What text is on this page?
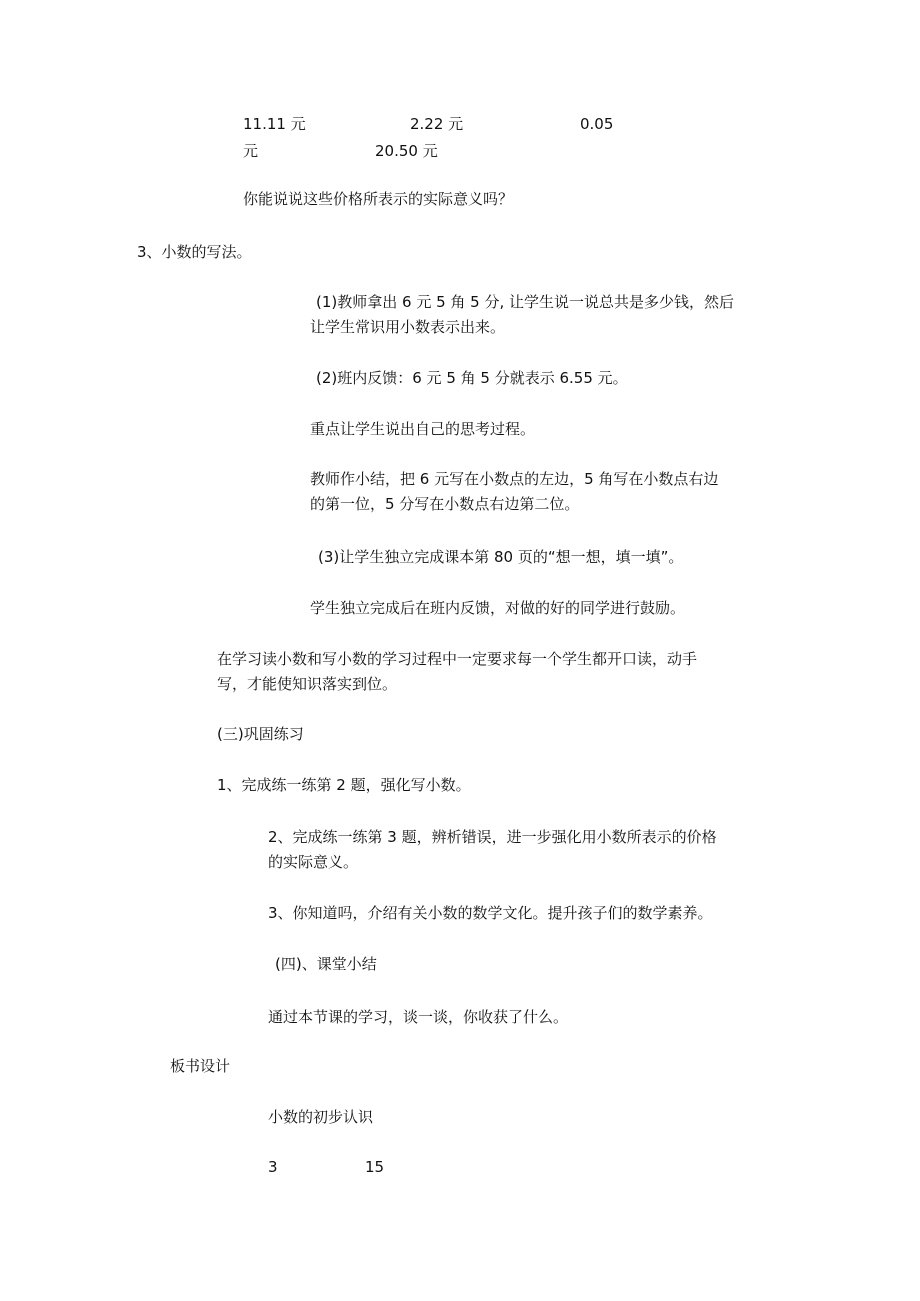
11.11 元	2.22 元	0.05
元	20.50 元
你能说说这些价格所表示的实际意义吗？
3、小数的写法。
(1)教师拿出 6 元 5 角 5 分, 让学生说一说总共是多少钱，然后
让学生常识用小数表示出来。
(2)班内反馈：6 元 5 角 5 分就表示 6.55 元。
重点让学生说出自己的思考过程。
教师作小结，把 6 元写在小数点的左边，5 角写在小数点右边
的第一位，5 分写在小数点右边第二位。
(3)让学生独立完成课本第 80 页的“想一想，填一填”。
学生独立完成后在班内反馈，对做的好的同学进行鼓励。
在学习读小数和写小数的学习过程中一定要求每一个学生都开口读，动手
写，才能使知识落实到位。
(三)巩固练习
1、完成练一练第 2 题，强化写小数。
2、完成练一练第 3 题，辨析错误，进一步强化用小数所表示的价格
的实际意义。
3、你知道吗，介绍有关小数的数学文化。提升孩子们的数学素养。
(四)、课堂小结
通过本节课的学习，谈一谈，你收获了什么。
板书设计
小数的初步认识
3	15
